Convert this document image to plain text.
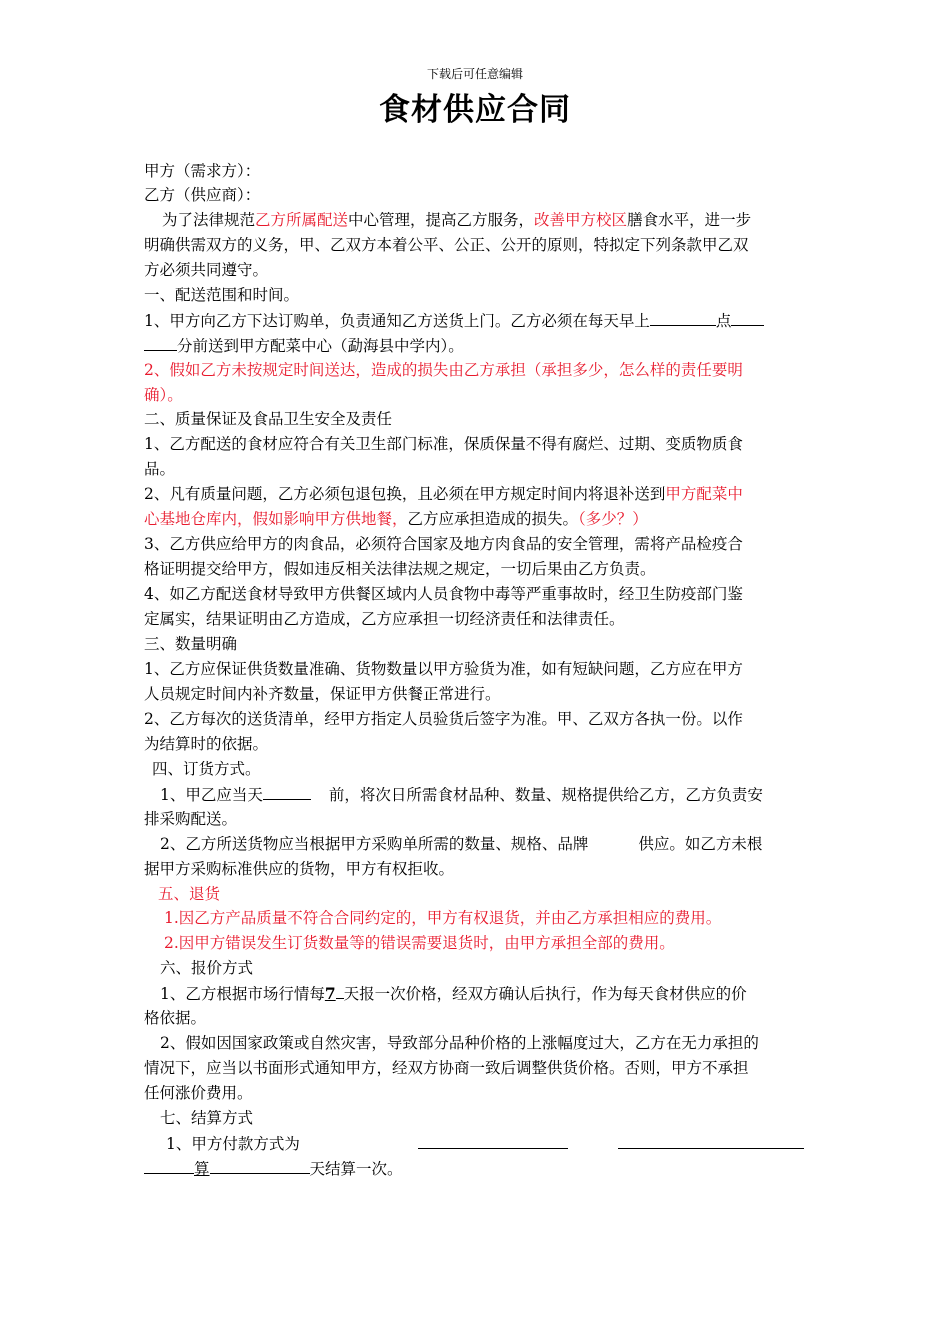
下载后可任意编辑
食材供应合同
甲方（需求方）：
乙方（供应商）：
为了法律规范乙方所属配送中心管理，提高乙方服务，改善甲方校区膳食水平，进一步
明确供需双方的义务，甲、乙双方本着公平、公正、公开的原则，特拟定下列条款甲乙双
方必须共同遵守。
一、配送范围和时间。
1、甲方向乙方下达订购单，负责通知乙方送货上门。乙方必须在每天早上	点
分前送到甲方配菜中心（勐海县中学内）。
2、假如乙方未按规定时间送达，造成的损失由乙方承担（承担多少，怎么样的责任要明
确）。
二、质量保证及食品卫生安全及责任
1、乙方配送的食材应符合有关卫生部门标准，保质保量不得有腐烂、过期、变质物质食
品。
2、凡有质量问题，乙方必须包退包换，且必须在甲方规定时间内将退补送到甲方配菜中
心基地仓库内，假如影响甲方供地餐，乙方应承担造成的损失。（多少？）
3、乙方供应给甲方的肉食品，必须符合国家及地方肉食品的安全管理，需将产品检疫合
格证明提交给甲方，假如违反相关法律法规之规定，一切后果由乙方负责。
4、如乙方配送食材导致甲方供餐区域内人员食物中毒等严重事故时，经卫生防疫部门鉴
定属实，结果证明由乙方造成，乙方应承担一切经济责任和法律责任。
三、数量明确
1、乙方应保证供货数量准确、货物数量以甲方验货为准，如有短缺问题，乙方应在甲方
人员规定时间内补齐数量，保证甲方供餐正常进行。
2、乙方每次的送货清单，经甲方指定人员验货后签字为准。甲、乙双方各执一份。以作
为结算时的依据。
四、订货方式。
1、甲乙应当天	前，将次日所需食材品种、数量、规格提供给乙方，乙方负责安
排采购配送。
2、乙方所送货物应当根据甲方采购单所需的数量、规格、品牌	供应。如乙方未根
据甲方采购标准供应的货物，甲方有权拒收。
五、退货
1.因乙方产品质量不符合合同约定的，甲方有权退货，并由乙方承担相应的费用。
2.因甲方错误发生订货数量等的错误需要退货时，由甲方承担全部的费用。
六、报价方式
1、乙方根据市场行情每7 天报一次价格，经双方确认后执行，作为每天食材供应的价
格依据。
2、假如因国家政策或自然灾害，导致部分品种价格的上涨幅度过大，乙方在无力承担的
情况下，应当以书面形式通知甲方，经双方协商一致后调整供货价格。否则，甲方不承担
任何涨价费用。
七、结算方式
1、甲方付款方式为
算	天结算一次。
